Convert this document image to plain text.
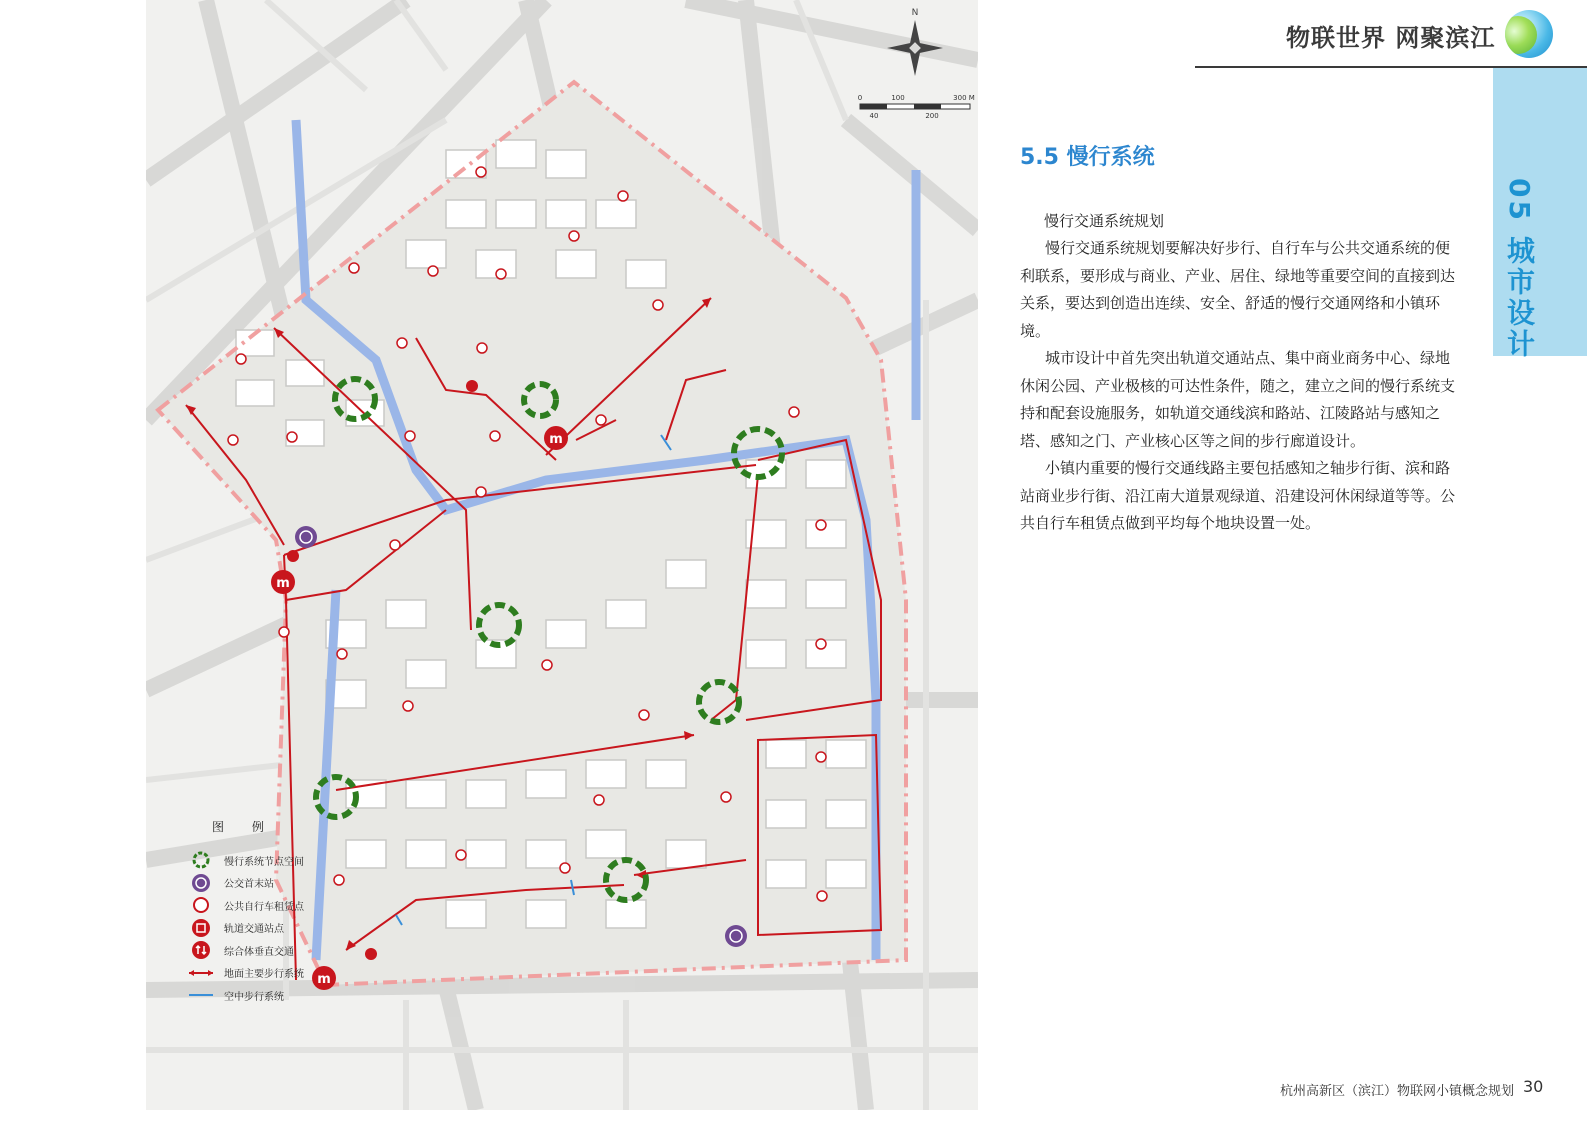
m
m
m
N
0	100	300 M
40	200
图 例
慢行系统节点空间
公交首末站
公共自行车租赁点
轨道交通站点
综合体垂直交通
地面主要步行系统
空中步行系统
物联世界 网聚滨江
05 城市设计
5.5 慢行系统
慢行交通系统规划

慢行交通系统规划要解决好步行、自行车与公共交通系统的便利联系，要形成与商业、产业、居住、绿地等重要空间的直接到达关系，要达到创造出连续、安全、舒适的慢行交通网络和小镇环境。

城市设计中首先突出轨道交通站点、集中商业商务中心、绿地休闲公园、产业极核的可达性条件，随之，建立之间的慢行系统支持和配套设施服务，如轨道交通线滨和路站、江陵路站与感知之塔、感知之门、产业核心区等之间的步行廊道设计。

小镇内重要的慢行交通线路主要包括感知之轴步行街、滨和路站商业步行街、沿江南大道景观绿道、沿建设河休闲绿道等等。公共自行车租赁点做到平均每个地块设置一处。

杭州高新区（滨江）物联网小镇概念规划 30
